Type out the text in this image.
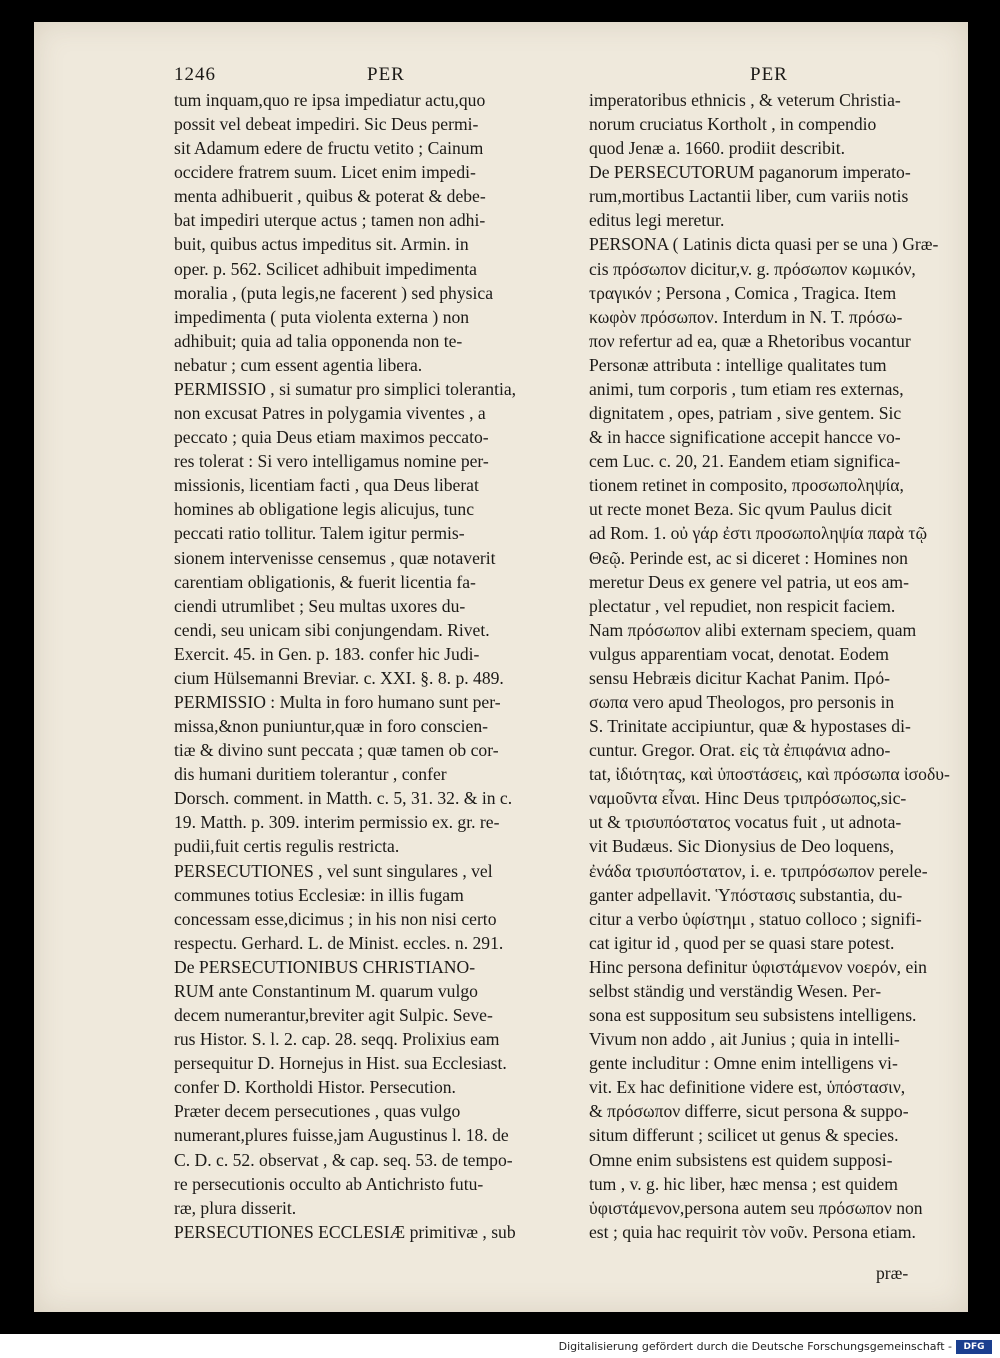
1246	PER	PER
tum inquam,quo re ipsa impediatur actu,quo
possit vel debeat impediri. Sic Deus permi-
sit Adamum edere de fructu vetito ; Cainum
occidere fratrem suum. Licet enim impedi-
menta adhibuerit , quibus & poterat & debe-
bat impediri uterque actus ; tamen non adhi-
buit, quibus actus impeditus sit. Armin. in
oper. p. 562. Scilicet adhibuit impedimenta
moralia , (puta legis,ne facerent ) sed physica
impedimenta ( puta violenta externa ) non
adhibuit; quia ad talia opponenda non te-
nebatur ; cum essent agentia libera.
PERMISSIO , si sumatur pro simplici tolerantia,
non excusat Patres in polygamia viventes , a
peccato ; quia Deus etiam maximos peccato-
res tolerat : Si vero intelligamus nomine per-
missionis, licentiam facti , qua Deus liberat
homines ab obligatione legis alicujus, tunc
peccati ratio tollitur. Talem igitur permis-
sionem intervenisse censemus , quæ notaverit
carentiam obligationis, & fuerit licentia fa-
ciendi utrumlibet ; Seu multas uxores du-
cendi, seu unicam sibi conjungendam. Rivet.
Exercit. 45. in Gen. p. 183. confer hic Judi-
cium Hülsemanni Breviar. c. XXI. §. 8. p. 489.
PERMISSIO : Multa in foro humano sunt per-
missa,&non puniuntur,quæ in foro conscien-
tiæ & divino sunt peccata ; quæ tamen ob cor-
dis humani duritiem tolerantur , confer
Dorsch. comment. in Matth. c. 5, 31. 32. & in c.
19. Matth. p. 309. interim permissio ex. gr. re-
pudii,fuit certis regulis restricta.
PERSECUTIONES , vel sunt singulares , vel
communes totius Ecclesiæ: in illis fugam
concessam esse,dicimus ; in his non nisi certo
respectu. Gerhard. L. de Minist. eccles. n. 291.
De PERSECUTIONIBUS CHRISTIANO-
RUM ante Constantinum M. quarum vulgo
decem numerantur,breviter agit Sulpic. Seve-
rus Histor. S. l. 2. cap. 28. seqq. Prolixius eam
persequitur D. Hornejus in Hist. sua Ecclesiast.
confer D. Kortholdi Histor. Persecution.
Præter decem persecutiones , quas vulgo
numerant,plures fuisse,jam Augustinus l. 18. de
C. D. c. 52. observat , & cap. seq. 53. de tempo-
re persecutionis occulto ab Antichristo futu-
ræ, plura disserit.
PERSECUTIONES ECCLESIÆ primitivæ , sub
imperatoribus ethnicis , & veterum Christia-
norum cruciatus Kortholt , in compendio
quod Jenæ a. 1660. prodiit describit.
De PERSECUTORUM paganorum imperato-
rum,mortibus Lactantii liber, cum variis notis
editus legi meretur.
PERSONA ( Latinis dicta quasi per se una ) Græ-
cis πρόσωπον dicitur,v. g. πρόσωπον κωμικόν,
τραγικόν ; Persona , Comica , Tragica. Item
κωφὸν πρόσωπον. Interdum in N. T. πρόσω-
πον refertur ad ea, quæ a Rhetoribus vocantur
Personæ attributa : intellige qualitates tum
animi, tum corporis , tum etiam res externas,
dignitatem , opes, patriam , sive gentem. Sic
& in hacce significatione accepit hancce vo-
cem Luc. c. 20, 21. Eandem etiam significa-
tionem retinet in composito, προσωποληψία,
ut recte monet Beza. Sic qvum Paulus dicit
ad Rom. 1. οὐ γάρ ἐστι προσωποληψία παρὰ τῷ
Θεῷ. Perinde est, ac si diceret : Homines non
meretur Deus ex genere vel patria, ut eos am-
plectatur , vel repudiet, non respicit faciem.
Nam πρόσωπον alibi externam speciem, quam
vulgus apparentiam vocat, denotat. Eodem
sensu Hebræis dicitur Kachat Panim. Πρό-
σωπα vero apud Theologos, pro personis in
S. Trinitate accipiuntur, quæ & hypostases di-
cuntur. Gregor. Orat. εἰς τὰ ἐπιφάνια adno-
tat, ἰδιότητας, καὶ ὑποστάσεις, καὶ πρόσωπα ἰσοδυ-
ναμοῦντα εἶναι. Hinc Deus τριπρόσωπος,sic-
ut & τρισυπόστατος vocatus fuit , ut adnota-
vit Budæus. Sic Dionysius de Deo loquens,
ἐνάδα τρισυπόστατον, i. e. τριπρόσωπον perele-
ganter adpellavit. Ὑπόστασις substantia, du-
citur a verbo ὑφίστημι , statuo colloco ; signifi-
cat igitur id , quod per se quasi stare potest.
Hinc persona definitur ὑφιστάμενον νοερόν, ein
selbst ständig und verständig Wesen. Per-
sona est suppositum seu subsistens intelligens.
Vivum non addo , ait Junius ; quia in intelli-
gente includitur : Omne enim intelligens vi-
vit. Ex hac definitione videre est, ὑπόστασιν,
& πρόσωπον differre, sicut persona & suppo-
situm differunt ; scilicet ut genus & species.
Omne enim subsistens est quidem supposi-
tum , v. g. hic liber, hæc mensa ; est quidem
ὑφιστάμενον,persona autem seu πρόσωπον non
est ; quia hac requirit τὸν νοῦν. Persona etiam.
præ-
Digitalisierung gefördert durch die Deutsche Forschungsgemeinschaft -	DFG
